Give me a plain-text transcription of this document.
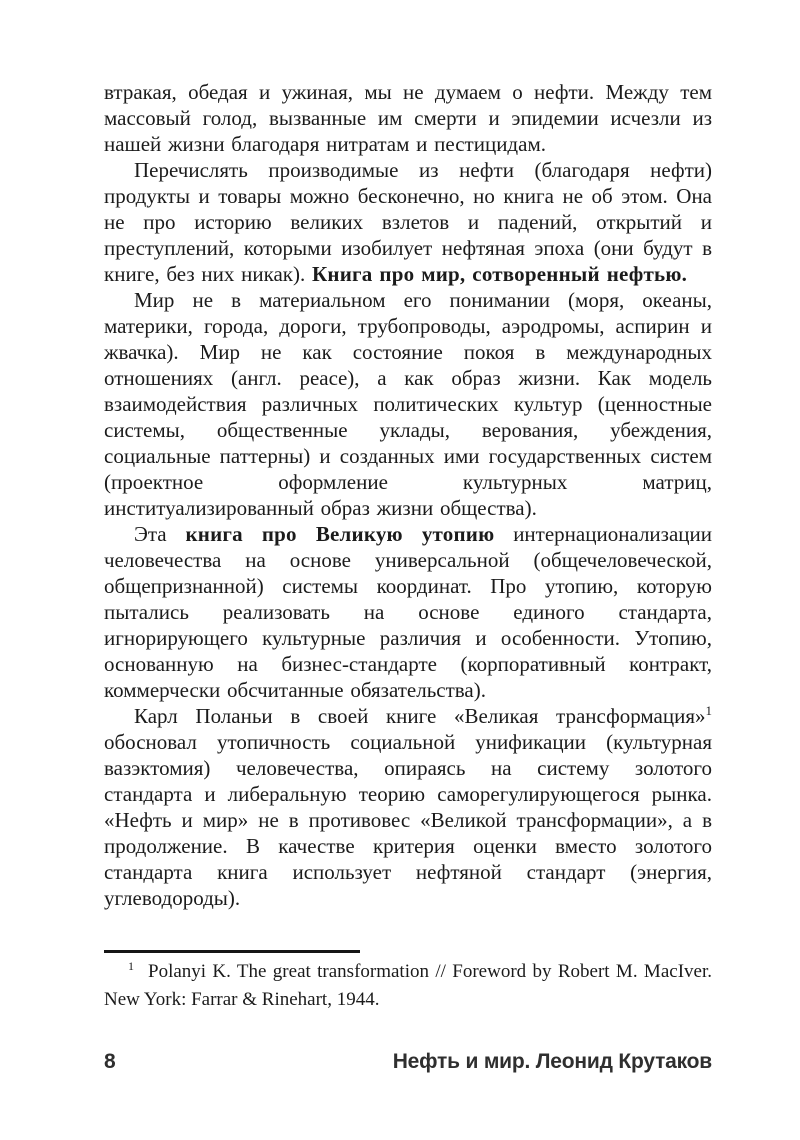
втракая, обедая и ужиная, мы не думаем о нефти. Между тем массовый голод, вызванные им смерти и эпидемии исчезли из нашей жизни благодаря нитратам и пестицидам.

Перечислять производимые из нефти (благодаря нефти) продукты и товары можно бесконечно, но книга не об этом. Она не про историю великих взлетов и падений, открытий и преступлений, которыми изобилует нефтяная эпоха (они будут в книге, без них никак). Книга про мир, сотворенный нефтью.

Мир не в материальном его понимании (моря, океаны, материки, города, дороги, трубопроводы, аэродромы, аспирин и жвачка). Мир не как состояние покоя в международных отношениях (англ. peace), а как образ жизни. Как модель взаимодействия различных политических культур (ценностные системы, общественные уклады, верования, убеждения, социальные паттерны) и созданных ими государственных систем (проектное оформление культурных матриц, институализированный образ жизни общества).

Эта книга про Великую утопию интернационализации человечества на основе универсальной (общечеловеческой, общепризнанной) системы координат. Про утопию, которую пытались реализовать на основе единого стандарта, игнорирующего культурные различия и особенности. Утопию, основанную на бизнес-стандарте (корпоративный контракт, коммерчески обсчитанные обязательства).

Карл Поланьи в своей книге «Великая трансформация»$^1$ обосновал утопичность социальной унификации (культурная вазэктомия) человечества, опираясь на систему золотого стандарта и либеральную теорию саморегулирующегося рынка. «Нефть и мир» не в противовес «Великой трансформации», а в продолжение. В качестве критерия оценки вместо золотого стандарта книга использует нефтяной стандарт (энергия, углеводороды).

$^1$ Polanyi K. The great transformation // Foreword by Robert M. MacIver. New York: Farrar & Rinehart, 1944.

8	Нефть и мир. Леонид Крутаков
